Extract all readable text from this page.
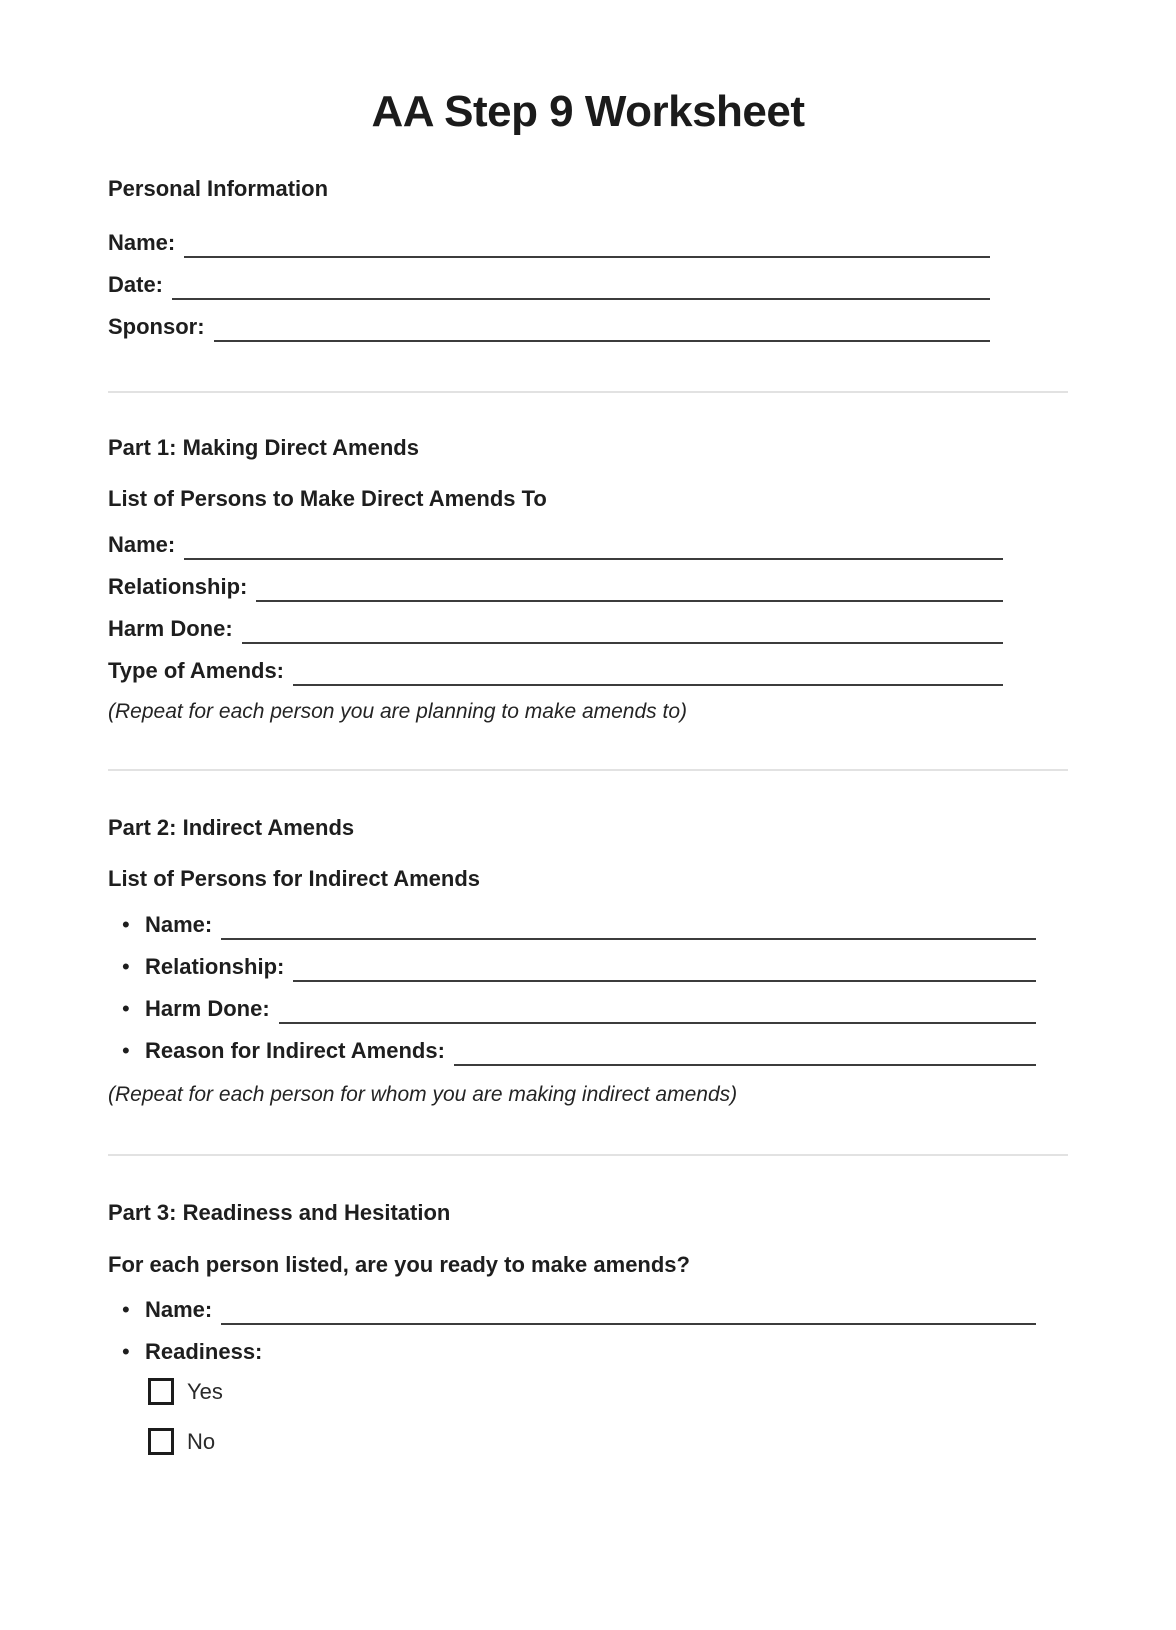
AA Step 9 Worksheet
Personal Information
Name:
Date:
Sponsor:
Part 1: Making Direct Amends
List of Persons to Make Direct Amends To
Name:
Relationship:
Harm Done:
Type of Amends:
(Repeat for each person you are planning to make amends to)
Part 2: Indirect Amends
List of Persons for Indirect Amends
• Name:
• Relationship:
• Harm Done:
• Reason for Indirect Amends:
(Repeat for each person for whom you are making indirect amends)
Part 3: Readiness and Hesitation
For each person listed, are you ready to make amends?
• Name:
• Readiness:
Yes
No
